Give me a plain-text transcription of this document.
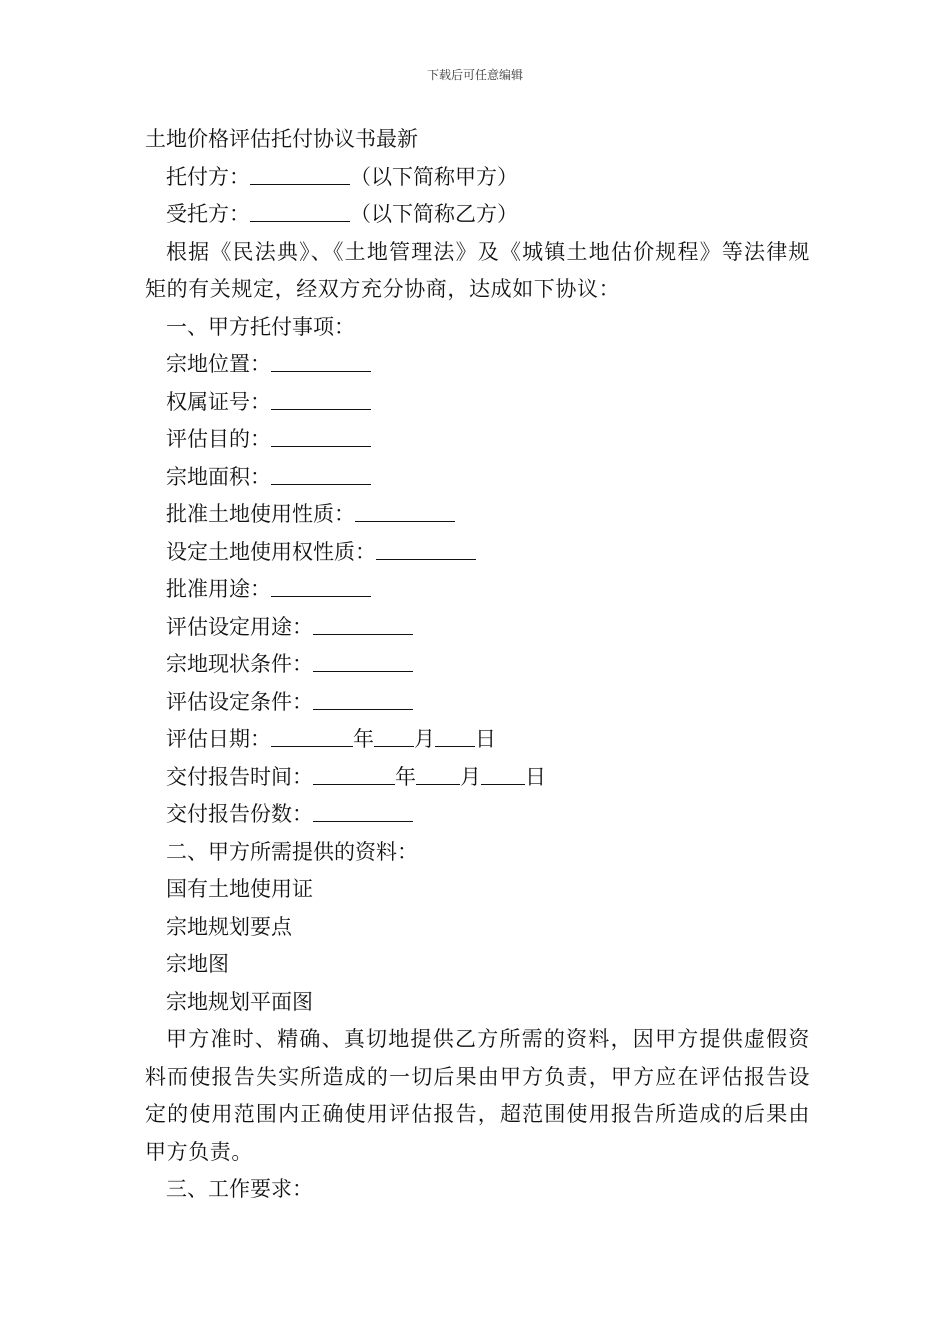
下载后可任意编辑
土地价格评估托付协议书最新
托付方：	（以下简称甲方）
受托方：	（以下简称乙方）

根据《民法典》、《土地管理法》及《城镇土地估价规程》等法律规矩的有关规定，经双方充分协商，达成如下协议：

一、甲方托付事项：
宗地位置：
权属证号：
评估目的：
宗地面积：
批准土地使用性质：
设定土地使用权性质：
批准用途：
评估设定用途：
宗地现状条件：
评估设定条件：
评估日期：	年 月 日
交付报告时间：	年 月 日
交付报告份数：
二、甲方所需提供的资料：
国有土地使用证
宗地规划要点
宗地图
宗地规划平面图

甲方准时、精确、真切地提供乙方所需的资料，因甲方提供虚假资料而使报告失实所造成的一切后果由甲方负责，甲方应在评估报告设定的使用范围内正确使用评估报告，超范围使用报告所造成的后果由甲方负责。

三、工作要求：
